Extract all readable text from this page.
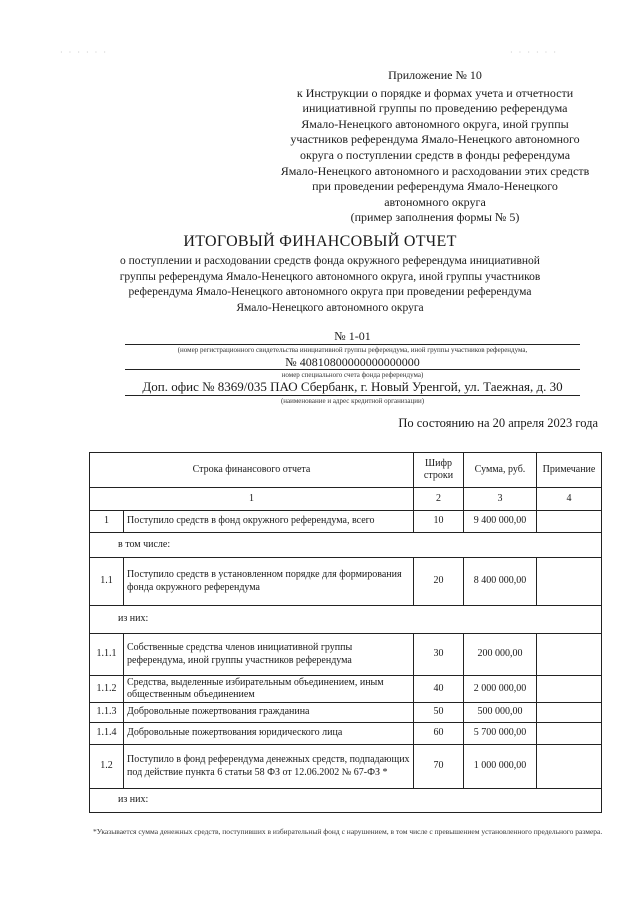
· · · · · ·	· · · · · ·
Приложение № 10
к Инструкции о порядке и формах учета и отчетности
инициативной группы по проведению референдума
Ямало-Ненецкого автономного округа, иной группы
участников референдума Ямало-Ненецкого автономного
округа о поступлении средств в фонды референдума
Ямало-Ненецкого автономного и расходовании этих средств
при проведении референдума Ямало-Ненецкого
автономного округа
(пример заполнения формы № 5)
ИТОГОВЫЙ ФИНАНСОВЫЙ ОТЧЕТ
о поступлении и расходовании средств фонда окружного референдума инициативной
группы референдума Ямало-Ненецкого автономного округа, иной группы участников
референдума Ямало-Ненецкого автономного округа при проведении референдума
Ямало-Ненецкого автономного округа
№ 1-01
(номер регистрационного свидетельства инициативной группы референдума, иной группы участников референдума,
№ 40810800000000000000
номер специального счета фонда референдума)
Доп. офис № 8369/035 ПАО Сбербанк, г. Новый Уренгой, ул. Таежная, д. 30
(наименование и адрес кредитной организации)
По состоянию на 20 апреля 2023 года
Строка финансового отчета		Шифр строки	Сумма, руб.	Примечание
1		2	3	4
1	Поступило средств в фонд окружного референдума, всего	10	9 400 000,00	
в том числе:				
1.1	Поступило средств в установленном порядке для формирования фонда окружного референдума	20	8 400 000,00	
из них:				
1.1.1	Собственные средства членов инициативной группы референдума, иной группы участников референдума	30	200 000,00	
1.1.2	Средства, выделенные избирательным объединением, иным общественным объединением	40	2 000 000,00	
1.1.3	Добровольные пожертвования гражданина	50	500 000,00	
1.1.4	Добровольные пожертвования юридического лица	60	5 700 000,00	
1.2	Поступило в фонд референдума денежных средств, подпадающих под действие пункта 6 статьи 58 ФЗ от 12.06.2002 № 67-ФЗ *	70	1 000 000,00	
из них:				
*Указывается сумма денежных средств, поступивших в избирательный фонд с нарушением, в том числе с превышением установленного предельного размера.
